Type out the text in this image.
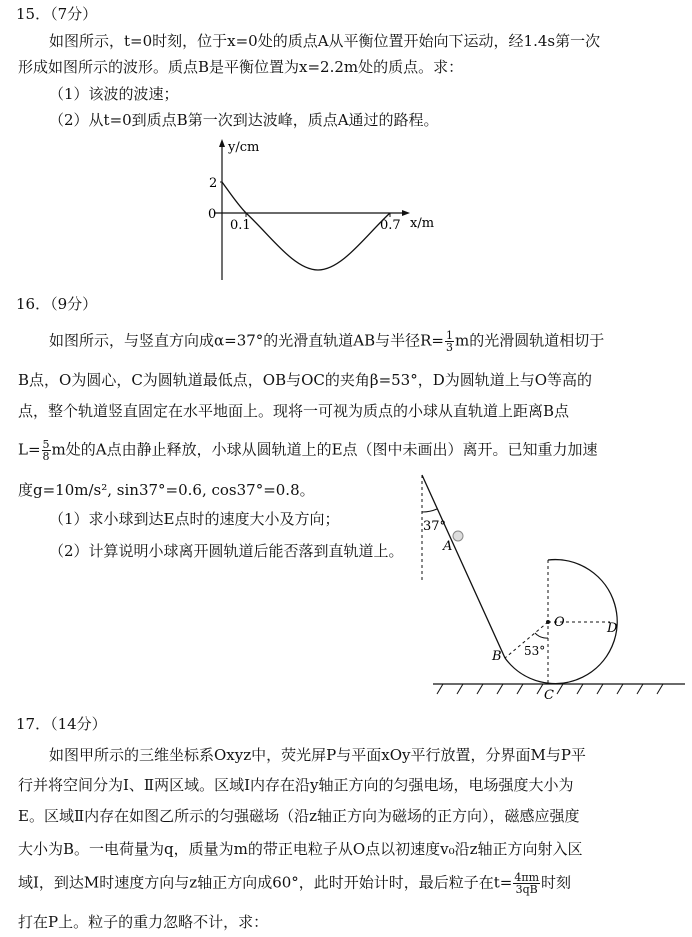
15．（7分）
如图所示，t=0时刻，位于x=0处的质点A从平衡位置开始向下运动，经1.4s第一次
形成如图所示的波形。质点B是平衡位置为x=2.2m处的质点。求：
（1）该波的波速；
（2）从t=0到质点B第一次到达波峰，质点A通过的路程。
y/cm
x/m
2
0
0.1	0.7
16．（9分）
如图所示，与竖直方向成α=37°的光滑直轨道AB与半径$R= \frac{1}{3}$ m的光滑圆轨道相切于
B点，O为圆心，C为圆轨道最低点，OB与OC的夹角β=53°，D为圆轨道上与O等高的
点，整个轨道竖直固定在水平地面上。现将一可视为质点的小球从直轨道上距离B点
$L= \frac{5}{8}$ m处的A点由静止释放，小球从圆轨道上的E点（图中未画出）离开。已知重力加速
度g=10m/s², sin37°=0.6, cos37°=0.8。
（1）求小球到达E点时的速度大小及方向；
（2）计算说明小球离开圆轨道后能否落到直轨道上。
37°
A
O	D
B 53°
C
17．（14分）
如图甲所示的三维坐标系Oxyz中，荧光屏P与平面xOy平行放置，分界面M与P平
行并将空间分为Ⅰ、Ⅱ两区域。区域Ⅰ内存在沿y轴正方向的匀强电场，电场强度大小为
E。区域Ⅱ内存在如图乙所示的匀强磁场（沿z轴正方向为磁场的正方向），磁感应强度
大小为B。一电荷量为q，质量为m的带正电粒子从O点以初速度v₀沿z轴正方向射入区
域Ⅰ，到达M时速度方向与z轴正方向成60°，此时开始计时，最后粒子在$t= \frac{4\pi m}{3qB}$ 时刻
打在P上。粒子的重力忽略不计，求：
